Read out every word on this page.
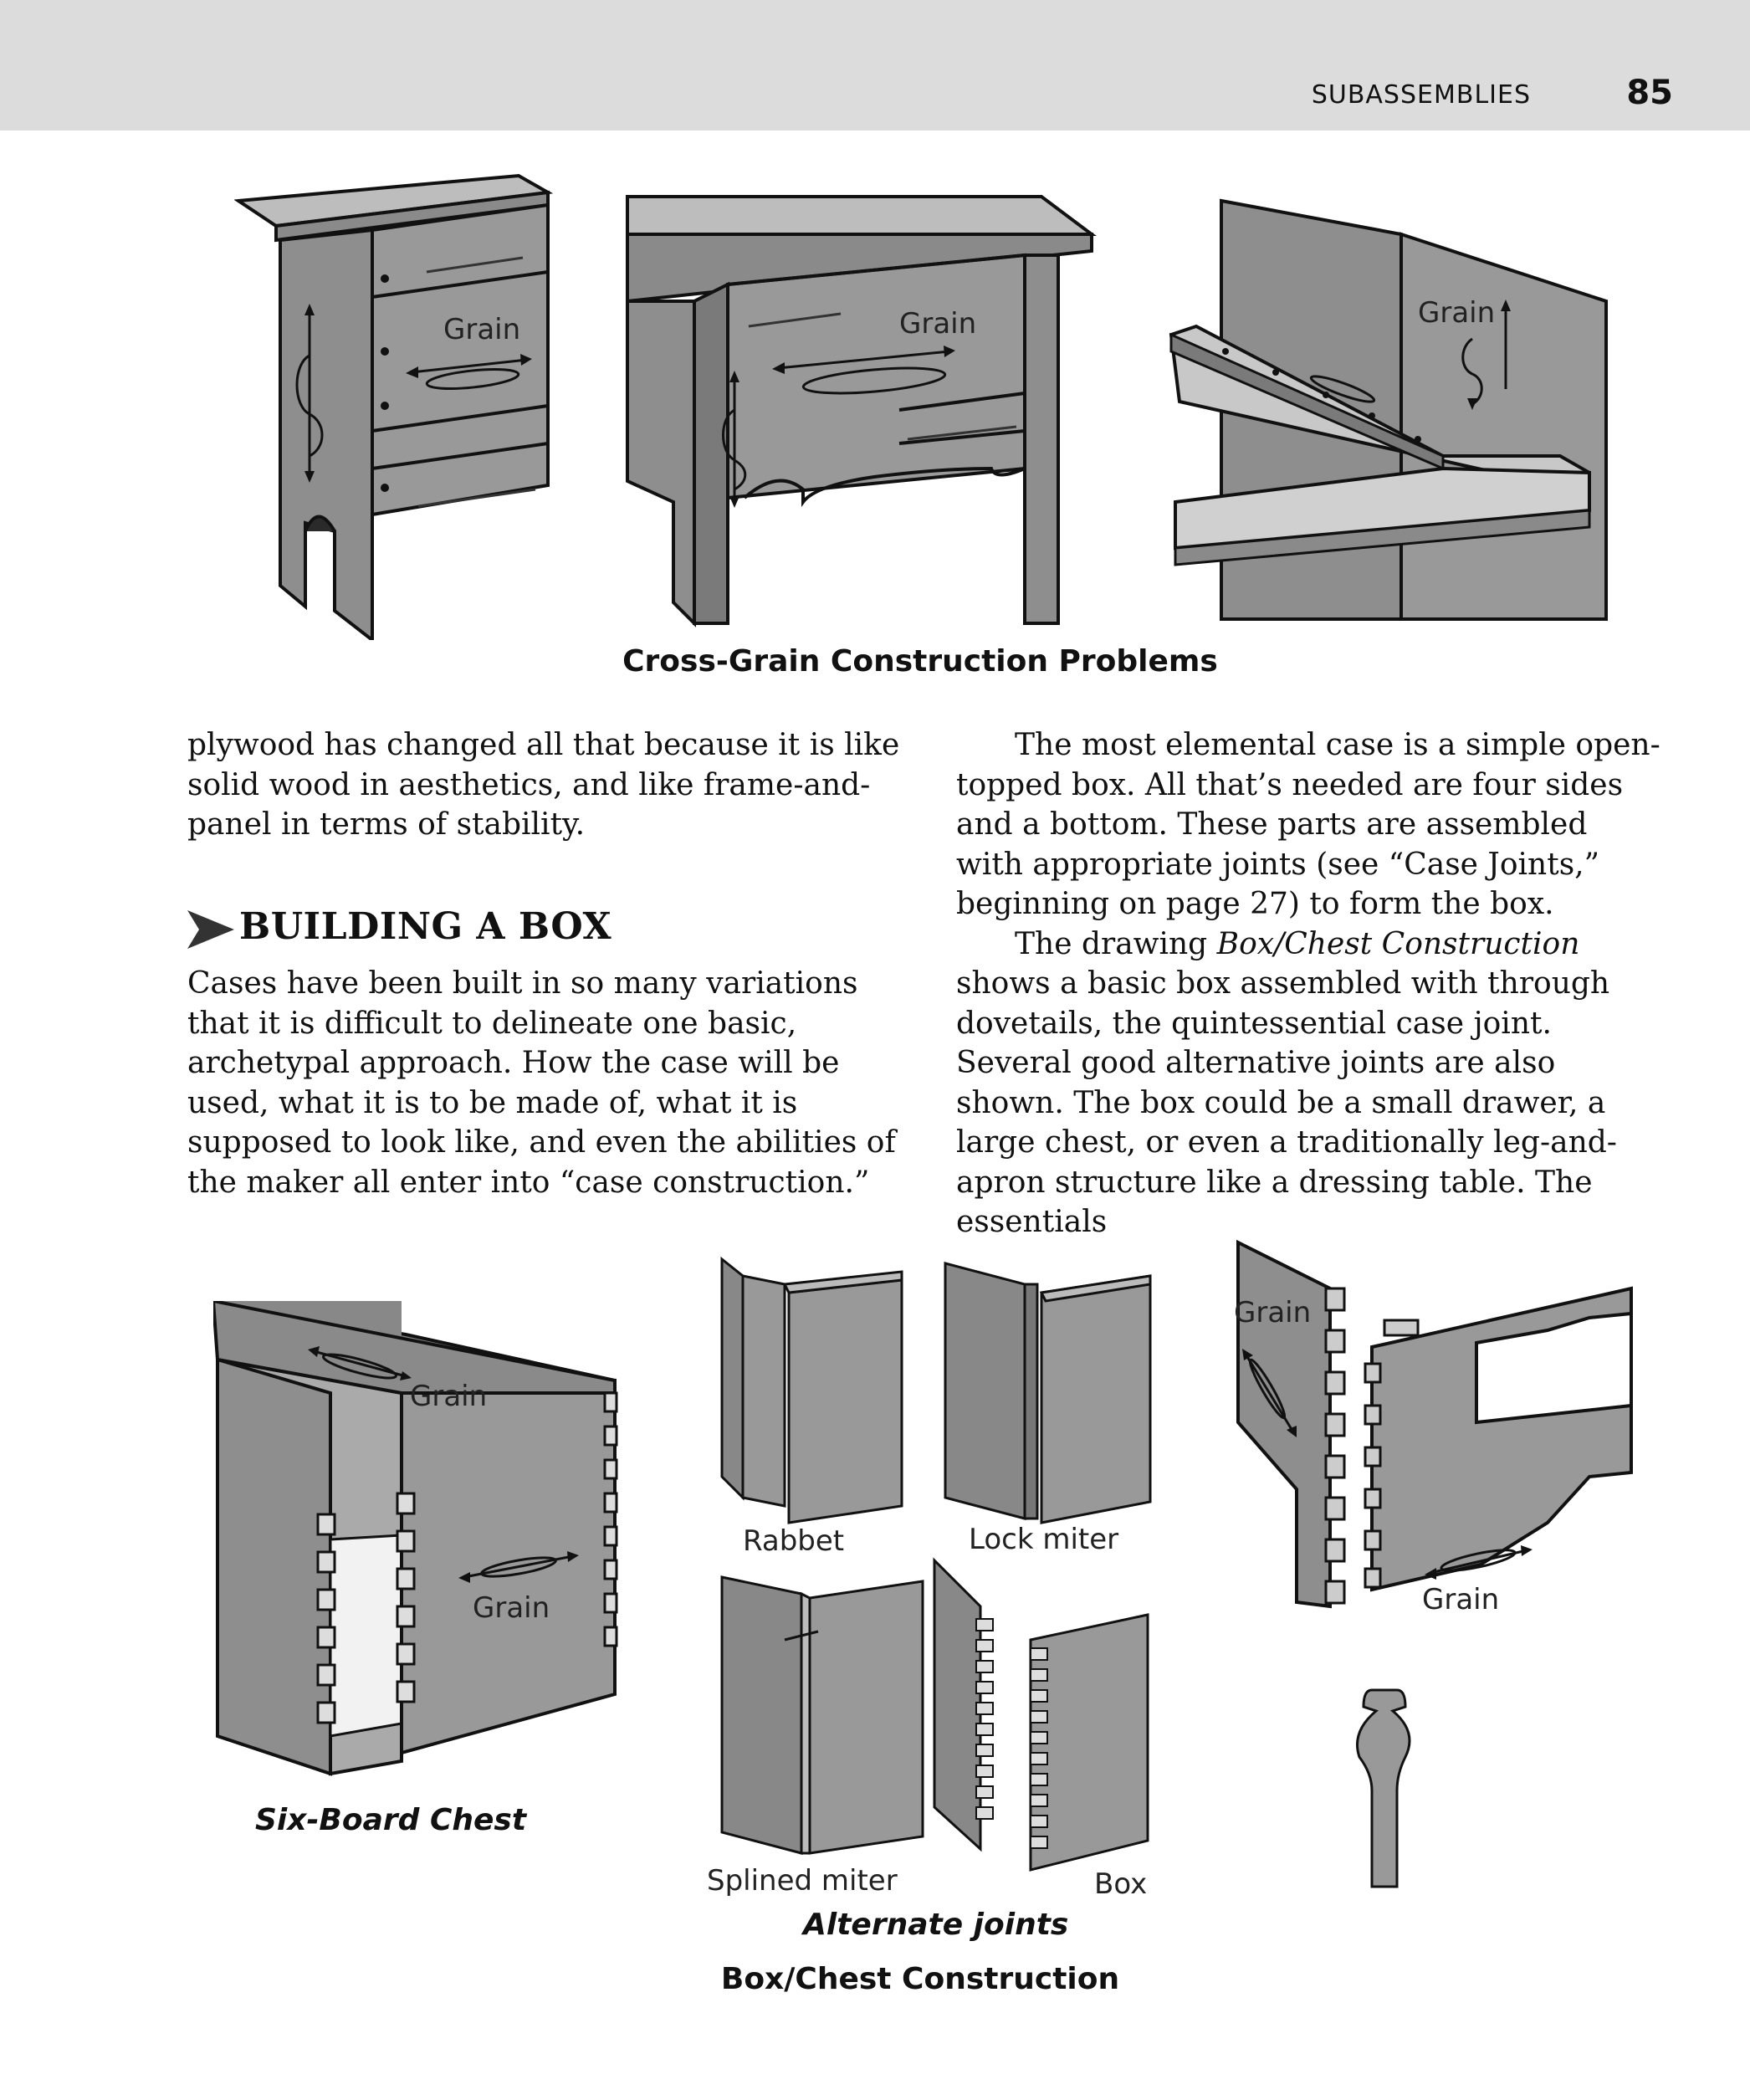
SUBASSEMBLIES	85
Grain	Grain	Grain
Cross-Grain Construction Problems

plywood has changed all that because it is like solid wood in aesthetics, and like frame-and-panel in terms of stability.

BUILDING A BOX

Cases have been built in so many variations that it is difficult to delineate one basic, archetypal approach. How the case will be used, what it is to be made of, what it is supposed to look like, and even the abilities of the maker all enter into “case construction.”

The most elemental case is a simple open-topped box. All that’s needed are four sides and a bottom. These parts are assembled with appropriate joints (see “Case Joints,” beginning on page 27) to form the box.

The drawing Box/Chest Construction shows a basic box assembled with through dovetails, the quintessential case joint. Several good alternative joints are also shown. The box could be a small drawer, a large chest, or even a traditionally leg-and-apron structure like a dressing table. The essentials

Grain
Grain
Six-Board Chest
Rabbet	Lock miter
Splined miter	Box
Alternate joints
Grain
Grain
Box/Chest Construction
